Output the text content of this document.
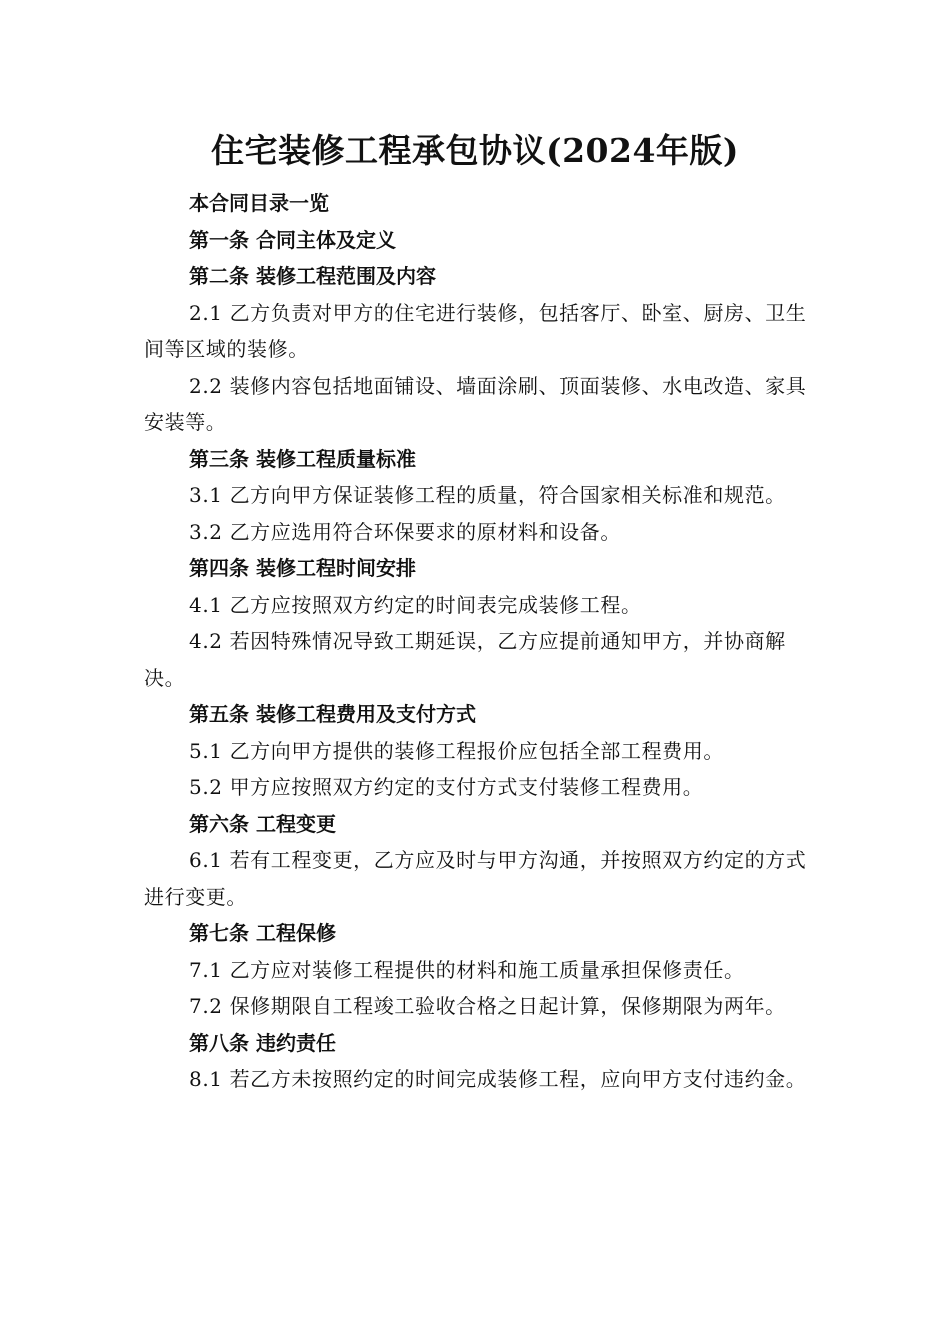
住宅装修工程承包协议(2024年版)

本合同目录一览

第一条 合同主体及定义

第二条 装修工程范围及内容

2.1 乙方负责对甲方的住宅进行装修，包括客厅、卧室、厨房、卫生间等区域的装修。

2.2 装修内容包括地面铺设、墙面涂刷、顶面装修、水电改造、家具安装等。

第三条 装修工程质量标准

3.1 乙方向甲方保证装修工程的质量，符合国家相关标准和规范。

3.2 乙方应选用符合环保要求的原材料和设备。

第四条 装修工程时间安排

4.1 乙方应按照双方约定的时间表完成装修工程。

4.2 若因特殊情况导致工期延误，乙方应提前通知甲方，并协商解决。

第五条 装修工程费用及支付方式

5.1 乙方向甲方提供的装修工程报价应包括全部工程费用。

5.2 甲方应按照双方约定的支付方式支付装修工程费用。

第六条 工程变更

6.1 若有工程变更，乙方应及时与甲方沟通，并按照双方约定的方式进行变更。

第七条 工程保修

7.1 乙方应对装修工程提供的材料和施工质量承担保修责任。

7.2 保修期限自工程竣工验收合格之日起计算，保修期限为两年。

第八条 违约责任

8.1 若乙方未按照约定的时间完成装修工程，应向甲方支付违约金。
